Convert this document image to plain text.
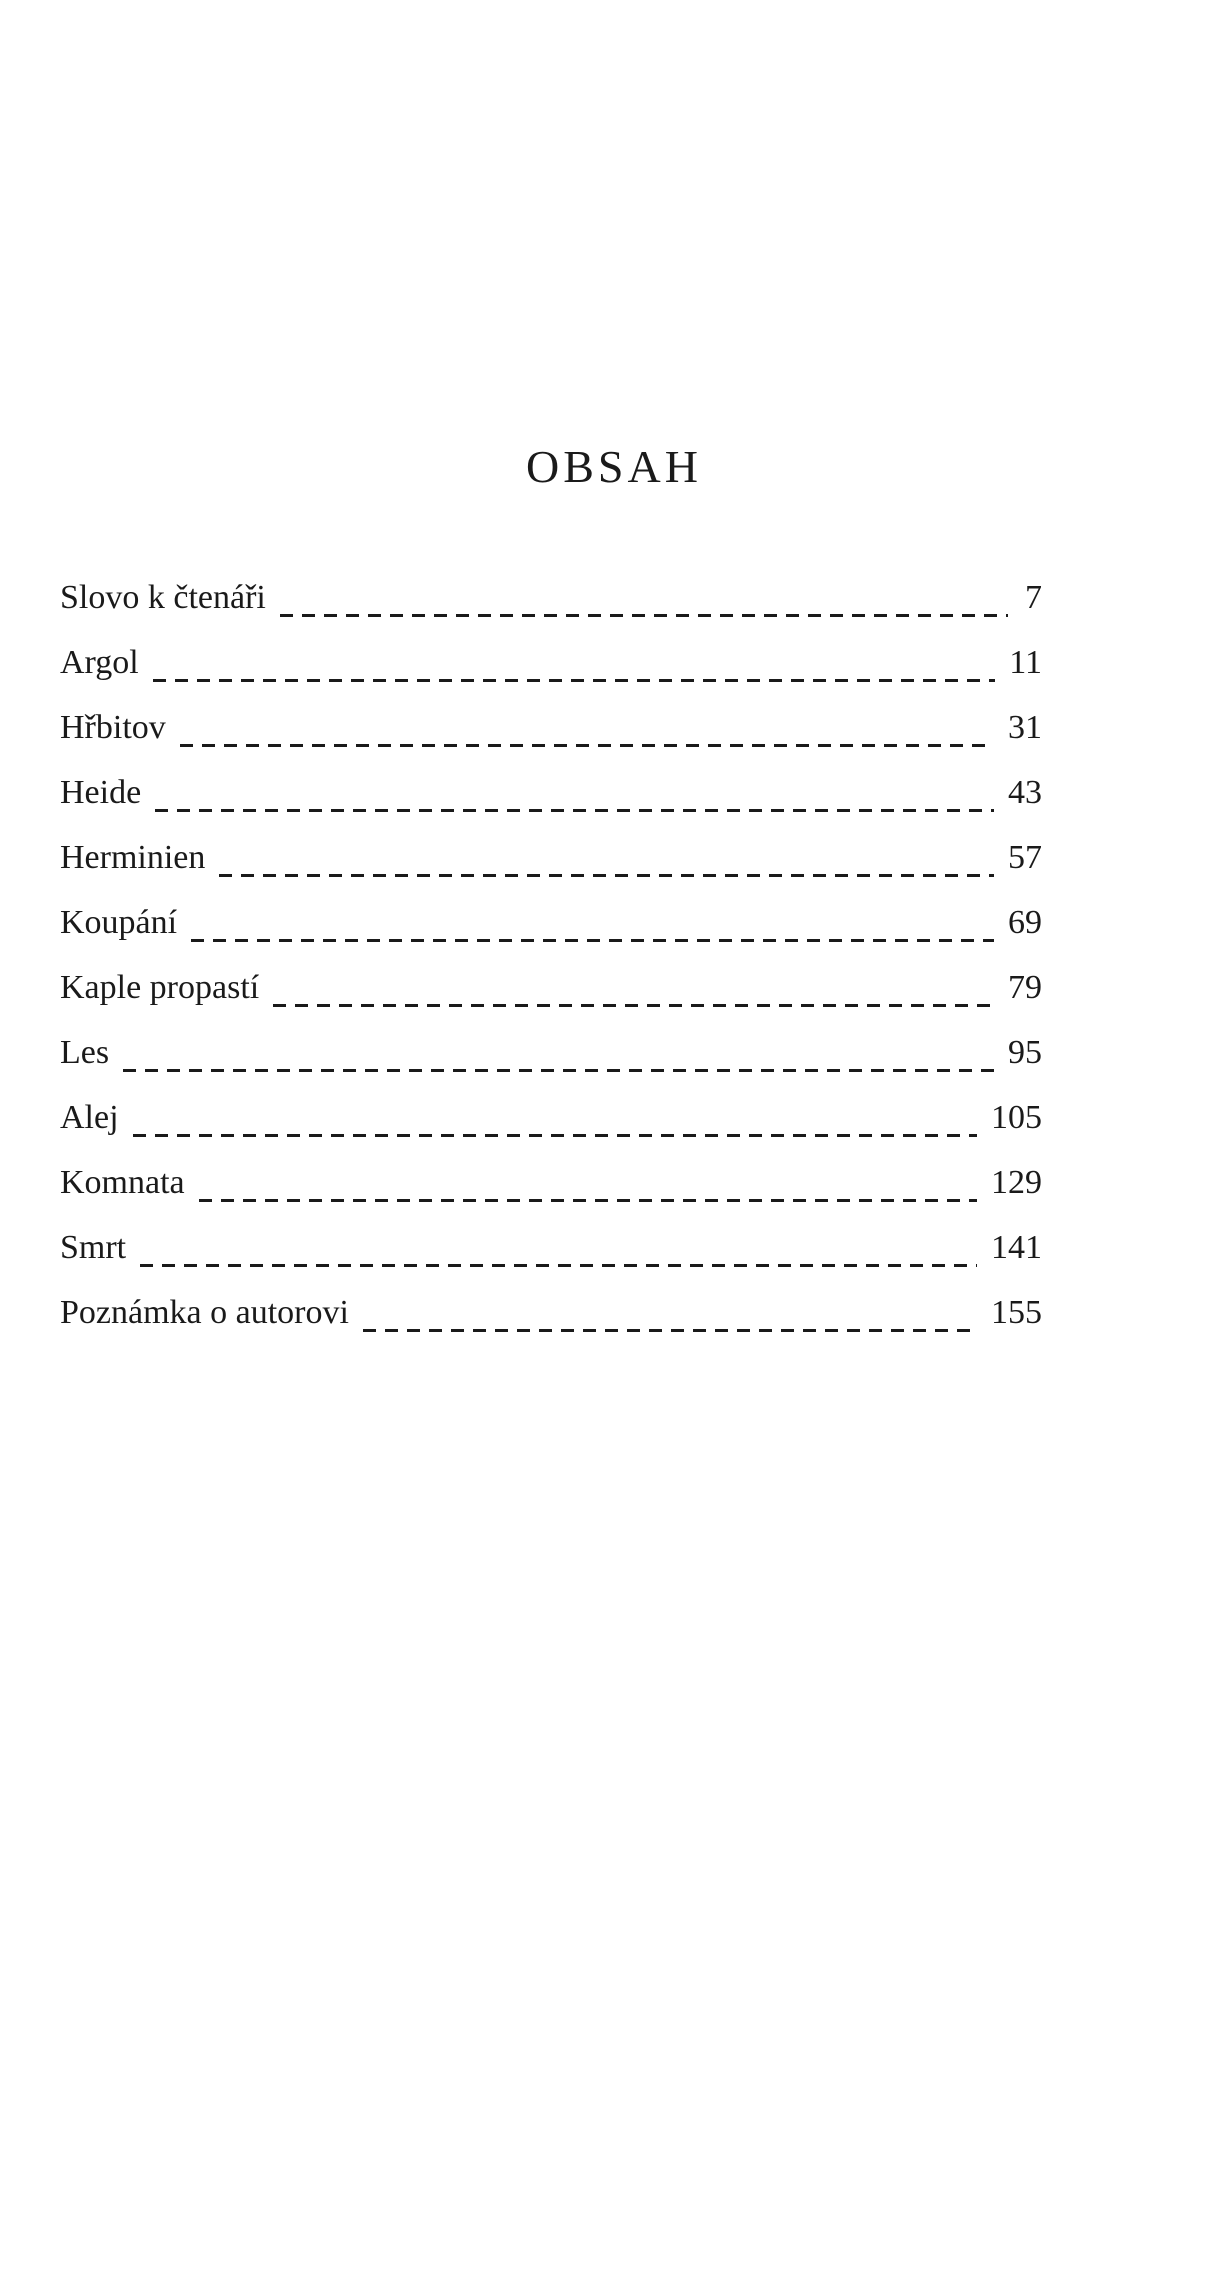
OBSAH
Slovo k čtenáři	7
Argol	11
Hřbitov	31
Heide	43
Herminien	57
Koupání	69
Kaple propastí	79
Les	95
Alej	105
Komnata	129
Smrt	141
Poznámka o autorovi	155
